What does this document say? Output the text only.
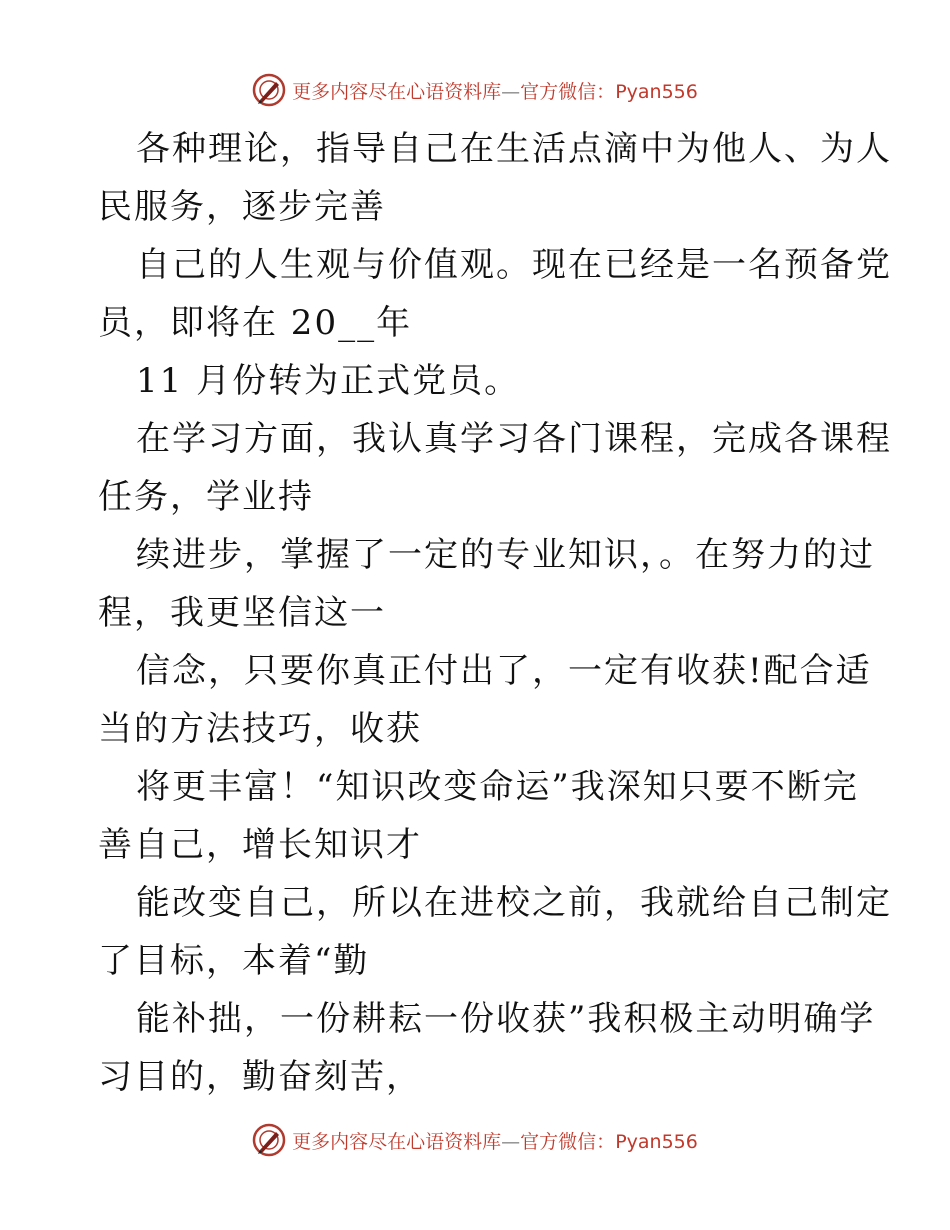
更多内容尽在心语资料库—官方微信：Pyan556
各种理论，指导自己在生活点滴中为他人、为人
民服务，逐步完善
自己的人生观与价值观。现在已经是一名预备党
员，即将在 20__年
11 月份转为正式党员。
在学习方面，我认真学习各门课程，完成各课程
任务，学业持
续进步，掌握了一定的专业知识，。在努力的过
程，我更坚信这一
信念，只要你真正付出了，一定有收获!配合适
当的方法技巧，收获
将更丰富！“知识改变命运”我深知只要不断完
善自己，增长知识才
能改变自己，所以在进校之前，我就给自己制定
了目标，本着“勤
能补拙，一份耕耘一份收获”我积极主动明确学
习目的，勤奋刻苦，
更多内容尽在心语资料库—官方微信：Pyan556
